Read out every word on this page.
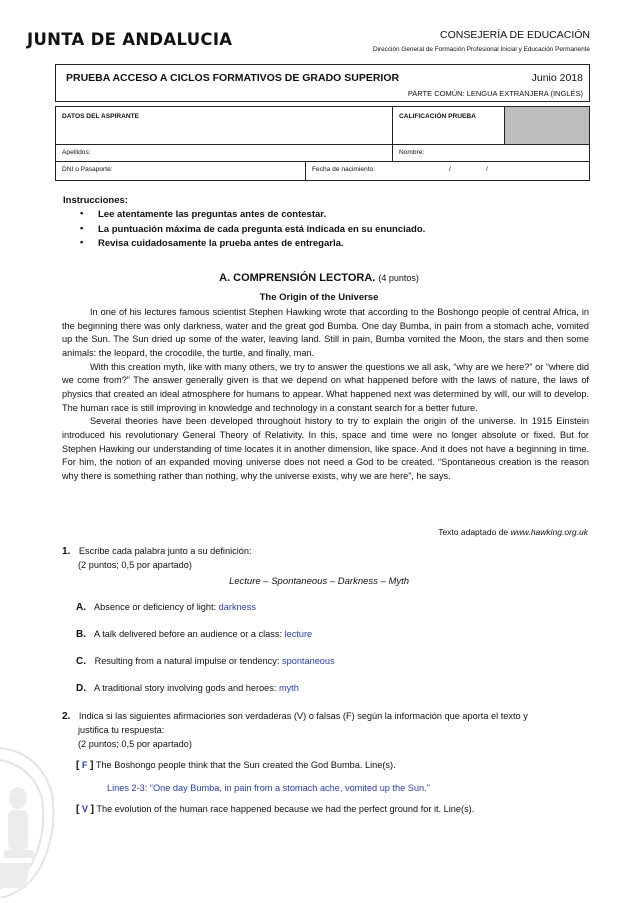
JUNTA DE ANDALUCIA	CONSEJERÍA DE EDUCACIÓN
Dirección General de Formación Profesional Inicial y Educación Permanente
PRUEBA ACCESO A CICLOS FORMATIVOS DE GRADO SUPERIOR	Junio 2018
PARTE COMÚN: LENGUA EXTRANJERA (INGLÉS)
DATOS DEL ASPIRANTE	CALIFICACIÓN PRUEBA
Apellidos:	Nombre:
DNI o Pasaporte:	Fecha de nacimiento:	/	/
Instrucciones:
• Lee atentamente las preguntas antes de contestar.
• La puntuación máxima de cada pregunta está indicada en su enunciado.
• Revisa cuidadosamente la prueba antes de entregarla.
A. COMPRENSIÓN LECTORA. (4 puntos)
The Origin of the Universe

In one of his lectures famous scientist Stephen Hawking wrote that according to the Boshongo people of central Africa, in the beginning there was only darkness, water and the great god Bumba. One day Bumba, in pain from a stomach ache, vomited up the Sun. The Sun dried up some of the water, leaving land. Still in pain, Bumba vomited the Moon, the stars and then some animals: the leopard, the crocodile, the turtle, and finally, man.

With this creation myth, like with many others, we try to answer the questions we all ask, “why are we here?” or “where did we come from?” The answer generally given is that we depend on what happened before with the laws of nature, the laws of physics that created an ideal atmosphere for humans to appear. What happened next was determined by will, our will to develop. The human race is still improving in knowledge and technology in a constant search for a better future.

Several theories have been developed throughout history to try to explain the origin of the universe. In 1915 Einstein introduced his revolutionary General Theory of Relativity. In this, space and time were no longer absolute or fixed. But for Stephen Hawking our understanding of time locates it in another dimension, like space. And it does not have a beginning in time. For him, the notion of an expanded moving universe does not need a God to be created. “Spontaneous creation is the reason why there is something rather than nothing, why the universe exists, why we are here”, he says.

Texto adaptado de www.hawking.org.uk
1. Escribe cada palabra junto a su definición:
(2 puntos; 0,5 por apartado)
Lecture – Spontaneous – Darkness – Myth
A. Absence or deficiency of light: darkness
B. A talk delivered before an audience or a class: lecture
C. Resulting from a natural impulse or tendency: spontaneous
D. A traditional story involving gods and heroes: myth
2. Indica si las siguientes afirmaciones son verdaderas (V) o falsas (F) según la información que aporta el texto y
justifica tu respuesta:
(2 puntos; 0,5 por apartado)
[ F ] The Boshongo people think that the Sun created the God Bumba. Line(s).
Lines 2-3: “One day Bumba, in pain from a stomach ache, vomited up the Sun.”
[ V ] The evolution of the human race happened because we had the perfect ground for it. Line(s).
